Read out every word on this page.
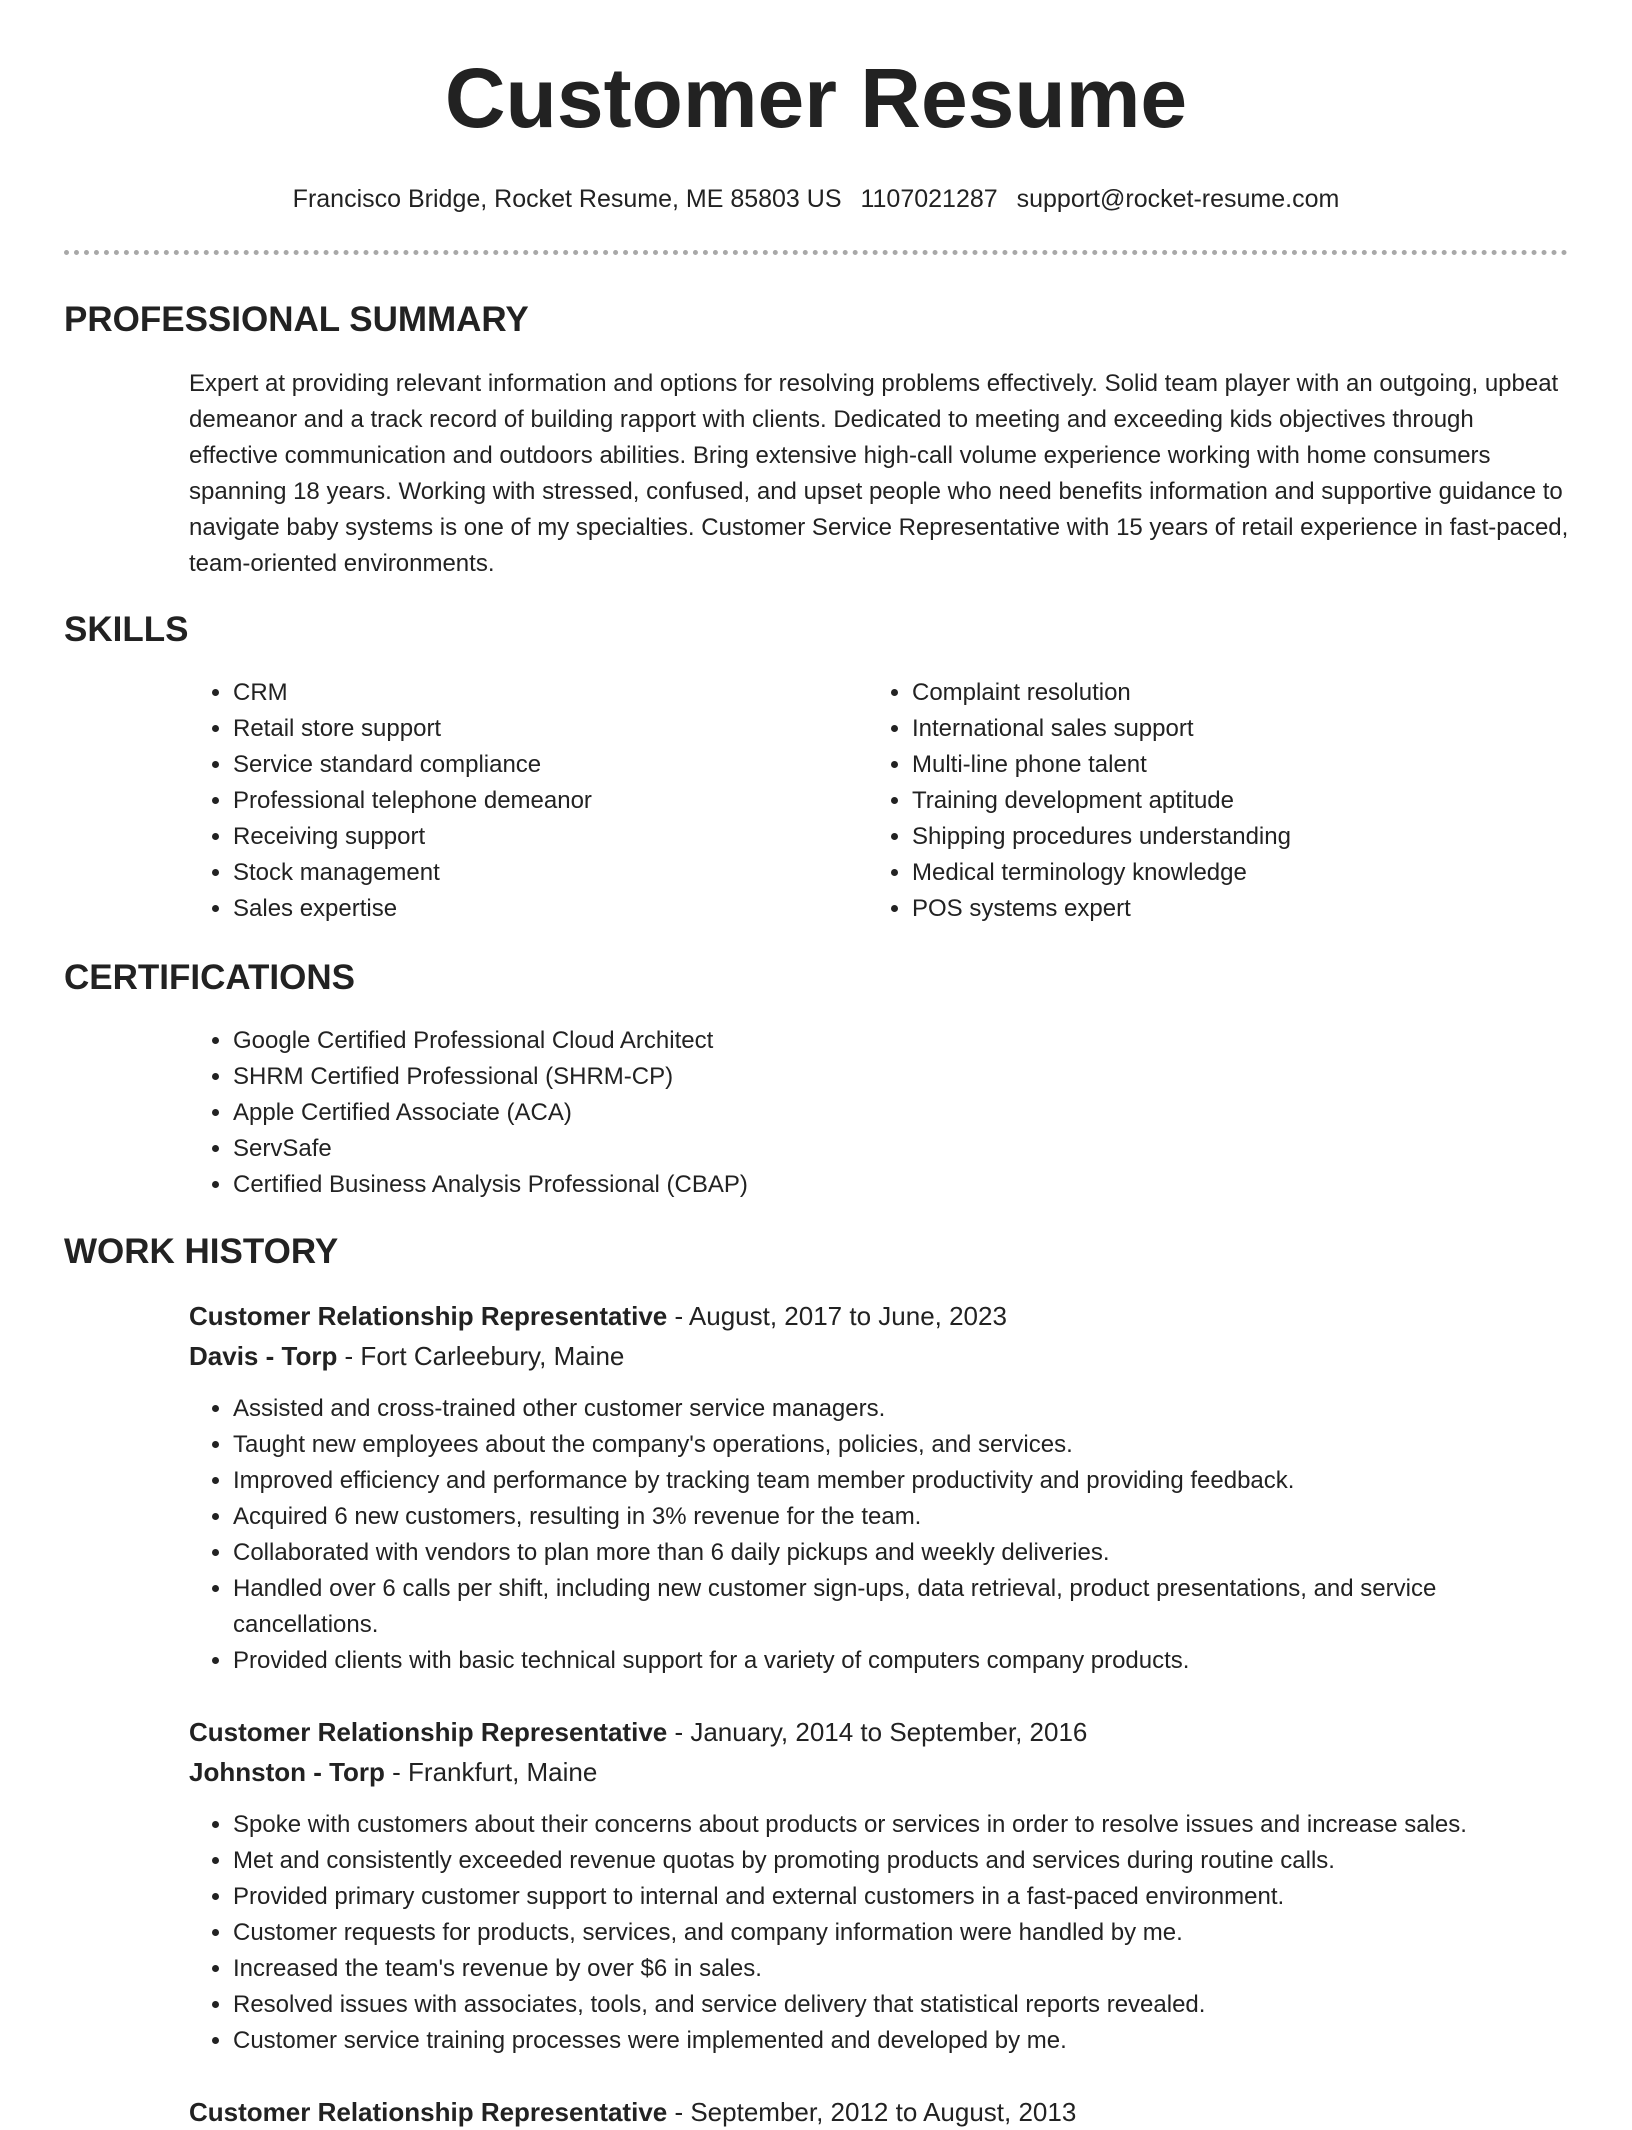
Customer Resume
Francisco Bridge, Rocket Resume, ME 85803 US 1107021287 support@rocket-resume.com
PROFESSIONAL SUMMARY

Expert at providing relevant information and options for resolving problems effectively. Solid team player with an outgoing, upbeat demeanor and a track record of building rapport with clients. Dedicated to meeting and exceeding kids objectives through effective communication and outdoors abilities. Bring extensive high-call volume experience working with home consumers spanning 18 years. Working with stressed, confused, and upset people who need benefits information and supportive guidance to navigate baby systems is one of my specialties. Customer Service Representative with 15 years of retail experience in fast-paced, team-oriented environments.

SKILLS
• CRM
• Retail store support
• Service standard compliance
• Professional telephone demeanor
• Receiving support
• Stock management
• Sales expertise
• Complaint resolution
• International sales support
• Multi-line phone talent
• Training development aptitude
• Shipping procedures understanding
• Medical terminology knowledge
• POS systems expert
CERTIFICATIONS
• Google Certified Professional Cloud Architect
• SHRM Certified Professional (SHRM-CP)
• Apple Certified Associate (ACA)
• ServSafe
• Certified Business Analysis Professional (CBAP)
WORK HISTORY
Customer Relationship Representative - August, 2017 to June, 2023
Davis - Torp - Fort Carleebury, Maine
• Assisted and cross-trained other customer service managers.
• Taught new employees about the company's operations, policies, and services.
• Improved efficiency and performance by tracking team member productivity and providing feedback.
• Acquired 6 new customers, resulting in 3% revenue for the team.
• Collaborated with vendors to plan more than 6 daily pickups and weekly deliveries.
• Handled over 6 calls per shift, including new customer sign-ups, data retrieval, product presentations, and service cancellations.
• Provided clients with basic technical support for a variety of computers company products.
Customer Relationship Representative - January, 2014 to September, 2016
Johnston - Torp - Frankfurt, Maine
• Spoke with customers about their concerns about products or services in order to resolve issues and increase sales.
• Met and consistently exceeded revenue quotas by promoting products and services during routine calls.
• Provided primary customer support to internal and external customers in a fast-paced environment.
• Customer requests for products, services, and company information were handled by me.
• Increased the team's revenue by over $6 in sales.
• Resolved issues with associates, tools, and service delivery that statistical reports revealed.
• Customer service training processes were implemented and developed by me.
Customer Relationship Representative - September, 2012 to August, 2013
